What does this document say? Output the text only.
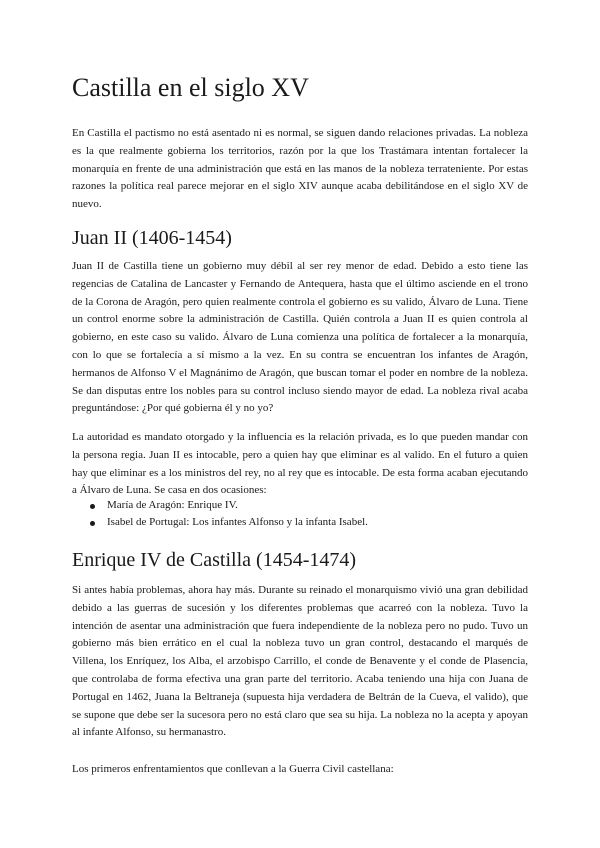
Castilla en el siglo XV

En Castilla el pactismo no está asentado ni es normal, se siguen dando relaciones privadas. La nobleza es la que realmente gobierna los territorios, razón por la que los Trastámara intentan fortalecer la monarquía en frente de una administración que está en las manos de la nobleza terrateniente. Por estas razones la política real parece mejorar en el siglo XIV aunque acaba debilitándose en el siglo XV de nuevo.

Juan II (1406-1454)

Juan II de Castilla tiene un gobierno muy débil al ser rey menor de edad. Debido a esto tiene las regencias de Catalina de Lancaster y Fernando de Antequera, hasta que el último asciende en el trono de la Corona de Aragón, pero quien realmente controla el gobierno es su valido, Álvaro de Luna. Tiene un control enorme sobre la administración de Castilla. Quién controla a Juan II es quien controla al gobierno, en este caso su valido. Álvaro de Luna comienza una política de fortalecer a la monarquía, con lo que se fortalecía a sí mismo a la vez. En su contra se encuentran los infantes de Aragón, hermanos de Alfonso V el Magnánimo de Aragón, que buscan tomar el poder en nombre de la nobleza. Se dan disputas entre los nobles para su control incluso siendo mayor de edad. La nobleza rival acaba preguntándose: ¿Por qué gobierna él y no yo?

La autoridad es mandato otorgado y la influencia es la relación privada, es lo que pueden mandar con la persona regia. Juan II es intocable, pero a quien hay que eliminar es al valido. En el futuro a quien hay que eliminar es a los ministros del rey, no al rey que es intocable. De esta forma acaban ejecutando a Álvaro de Luna. Se casa en dos ocasiones:

María de Aragón: Enrique IV.
Isabel de Portugal: Los infantes Alfonso y la infanta Isabel.
Enrique IV de Castilla (1454-1474)

Si antes había problemas, ahora hay más. Durante su reinado el monarquismo vivió una gran debilidad debido a las guerras de sucesión y los diferentes problemas que acarreó con la nobleza. Tuvo la intención de asentar una administración que fuera independiente de la nobleza pero no pudo. Tuvo un gobierno más bien errático en el cual la nobleza tuvo un gran control, destacando el marqués de Villena, los Enríquez, los Alba, el arzobispo Carrillo, el conde de Benavente y el conde de Plasencia, que controlaba de forma efectiva una gran parte del territorio. Acaba teniendo una hija con Juana de Portugal en 1462, Juana la Beltraneja (supuesta hija verdadera de Beltrán de la Cueva, el valido), que se supone que debe ser la sucesora pero no está claro que sea su hija. La nobleza no la acepta y apoyan al infante Alfonso, su hermanastro.

Los primeros enfrentamientos que conllevan a la Guerra Civil castellana:
